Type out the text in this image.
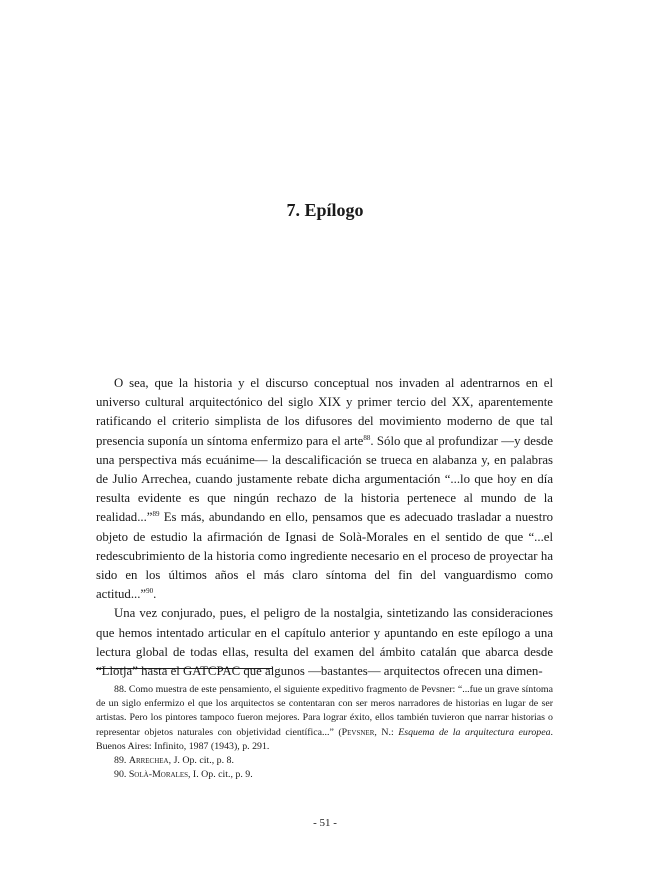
7. Epílogo

O sea, que la historia y el discurso conceptual nos invaden al adentrarnos en el universo cultural arquitectónico del siglo XIX y primer tercio del XX, aparentemente ratificando el criterio simplista de los difusores del movimiento moderno de que tal presencia suponía un síntoma enfermizo para el arte$^{88}$. Sólo que al profundizar —y desde una perspectiva más ecuánime— la descalificación se trueca en alabanza y, en palabras de Julio Arrechea, cuando justamente rebate dicha argumentación “...lo que hoy en día resulta evidente es que ningún rechazo de la historia pertenece al mundo de la realidad...”$^{89}$ Es más, abundando en ello, pensamos que es adecuado trasladar a nuestro objeto de estudio la afirmación de Ignasi de Solà-Morales en el sentido de que “...el redescubrimiento de la historia como ingrediente necesario en el proceso de proyectar ha sido en los últimos años el más claro síntoma del fin del vanguardismo como actitud...”$^{90}$.

Una vez conjurado, pues, el peligro de la nostalgia, sintetizando las consideraciones que hemos intentado articular en el capítulo anterior y apuntando en este epílogo a una lectura global de todas ellas, resulta del examen del ámbito catalán que abarca desde “Llotja” hasta el GATCPAC que algunos —bastantes— arquitectos ofrecen una dimen-

88. Como muestra de este pensamiento, el siguiente expeditivo fragmento de Pevsner: “...fue un grave síntoma de un siglo enfermizo el que los arquitectos se contentaran con ser meros narradores de historias en lugar de ser artistas. Pero los pintores tampoco fueron mejores. Para lograr éxito, ellos también tuvieron que narrar historias o representar objetos naturales con objetividad científica...” (Pevsner, N.: Esquema de la arquitectura europea. Buenos Aires: Infinito, 1987 (1943), p. 291.

89. Arrechea, J. Op. cit., p. 8.

90. Solà-Morales, I. Op. cit., p. 9.

- 51 -
